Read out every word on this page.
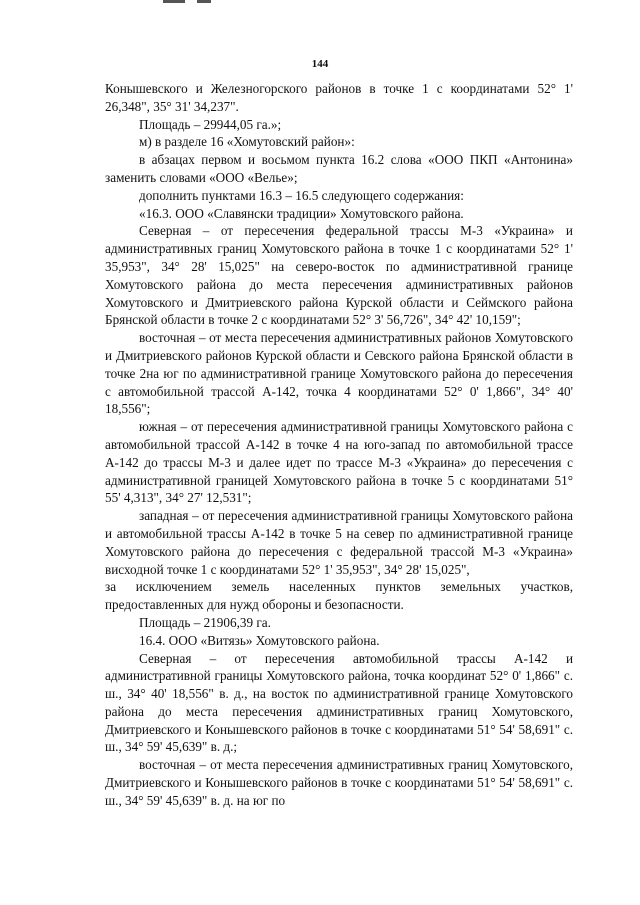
144

Конышевского и Железногорского районов в точке 1 с координатами 52° 1' 26,348", 35° 31' 34,237".

Площадь – 29944,05 га.»;

м) в разделе 16 «Хомутовский район»:

в абзацах первом и восьмом пункта 16.2 слова «ООО ПКП «Антонина» заменить словами «ООО «Велье»;

дополнить пунктами 16.3 – 16.5 следующего содержания:

«16.3. ООО «Славянски традиции» Хомутовского района.

Северная – от пересечения федеральной трассы М-3 «Украина» и административных границ Хомутовского района в точке 1 с координатами 52° 1' 35,953", 34° 28' 15,025" на северо-восток по административной границе Хомутовского района до места пересечения административных районов Хомутовского и Дмитриевского района Курской области и Сеймского района Брянской области в точке 2 с координатами 52° 3' 56,726", 34° 42' 10,159";

восточная – от места пересечения административных районов Хомутовского и Дмитриевского районов Курской области и Севского района Брянской области в точке 2на юг по административной границе Хомутовского района до пересечения с автомобильной трассой А-142, точка 4 координатами 52° 0' 1,866", 34° 40' 18,556";

южная – от пересечения административной границы Хомутовского района с автомобильной трассой А-142 в точке 4 на юго-запад по автомобильной трассе А-142 до трассы М-3 и далее идет по трассе М-3 «Украина» до пересечения с административной границей Хомутовского района в точке 5 с координатами 51° 55' 4,313", 34° 27' 12,531";

западная – от пересечения административной границы Хомутовского района и автомобильной трассы А-142 в точке 5 на север по административной границе Хомутовского района до пересечения с федеральной трассой М-3 «Украина» висходной точке 1 с координатами 52° 1' 35,953", 34° 28' 15,025",

за исключением земель населенных пунктов земельных участков, предоставленных для нужд обороны и безопасности.

Площадь – 21906,39 га.

16.4. ООО «Витязь» Хомутовского района.

Северная – от пересечения автомобильной трассы А-142 и административной границы Хомутовского района, точка координат 52° 0' 1,866" с. ш., 34° 40' 18,556" в. д., на восток по административной границе Хомутовского района до места пересечения административных границ Хомутовского, Дмитриевского и Конышевского районов в точке с координатами 51° 54' 58,691" с. ш., 34° 59' 45,639" в. д.;

восточная – от места пересечения административных границ Хомутовского, Дмитриевского и Конышевского районов в точке с координатами 51° 54' 58,691" с. ш., 34° 59' 45,639" в. д. на юг по
